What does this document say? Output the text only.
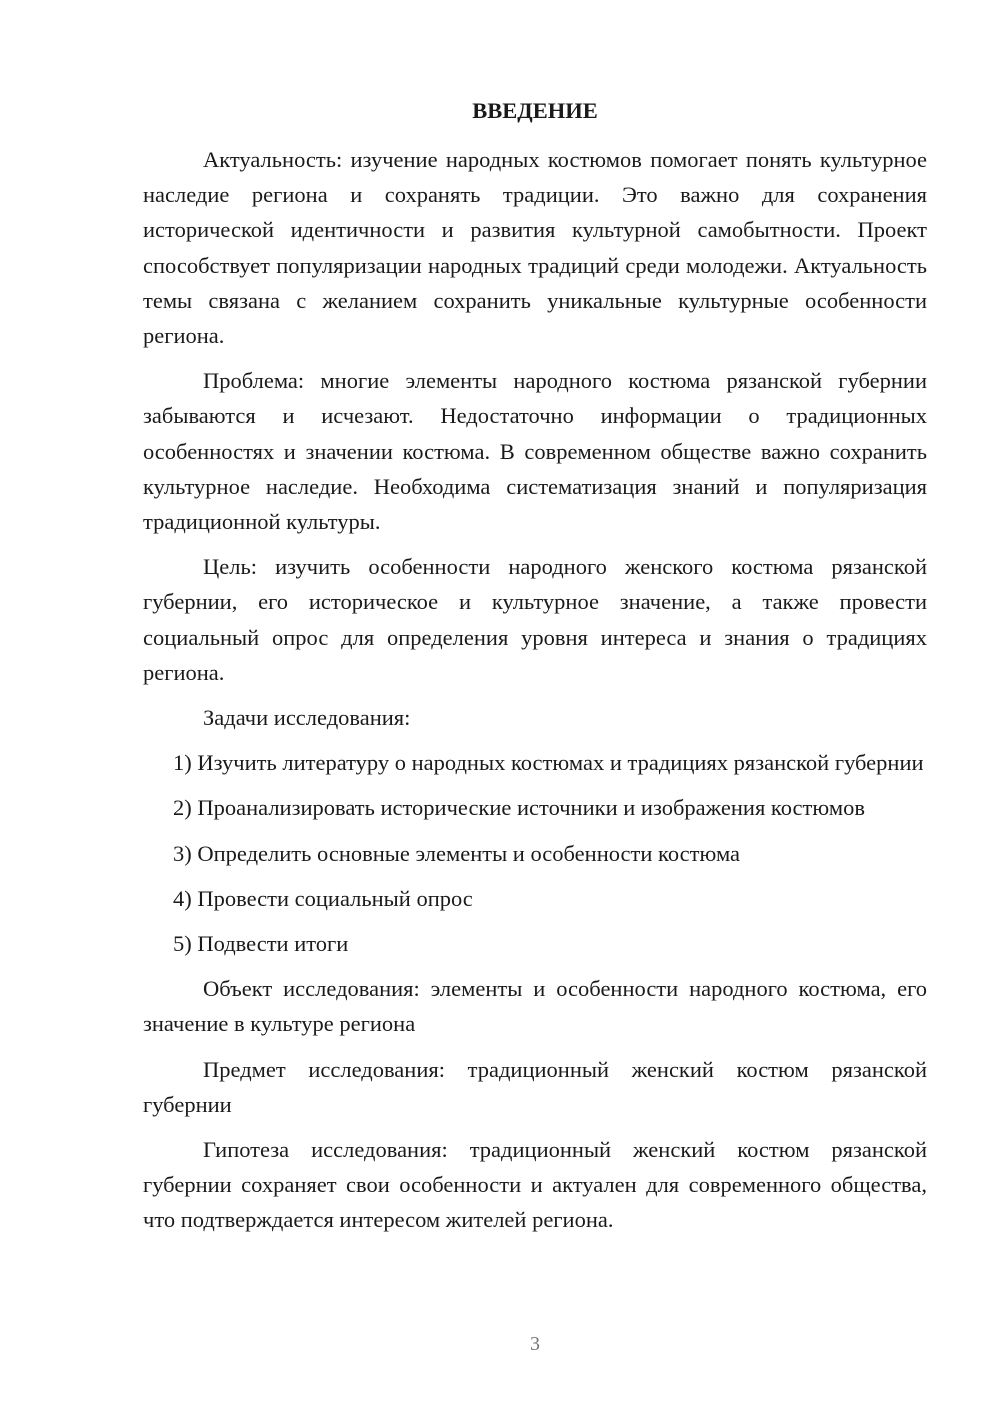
ВВЕДЕНИЕ

Актуальность: изучение народных костюмов помогает понять культурное наследие региона и сохранять традиции. Это важно для сохранения исторической идентичности и развития культурной самобытности. Проект способствует популяризации народных традиций среди молодежи. Актуальность темы связана с желанием сохранить уникальные культурные особенности региона.

Проблема: многие элементы народного костюма рязанской губернии забываются и исчезают. Недостаточно информации о традиционных особенностях и значении костюма. В современном обществе важно сохранить культурное наследие. Необходима систематизация знаний и популяризация традиционной культуры.

Цель: изучить особенности народного женского костюма рязанской губернии, его историческое и культурное значение, а также провести социальный опрос для определения уровня интереса и знания о традициях региона.

Задачи исследования:

1) Изучить литературу о народных костюмах и традициях рязанской губернии

2) Проанализировать исторические источники и изображения костюмов

3) Определить основные элементы и особенности костюма

4) Провести социальный опрос

5) Подвести итоги

Объект исследования: элементы и особенности народного костюма, его значение в культуре региона

Предмет исследования: традиционный женский костюм рязанской губернии

Гипотеза исследования: традиционный женский костюм рязанской губернии сохраняет свои особенности и актуален для современного общества, что подтверждается интересом жителей региона.

3
